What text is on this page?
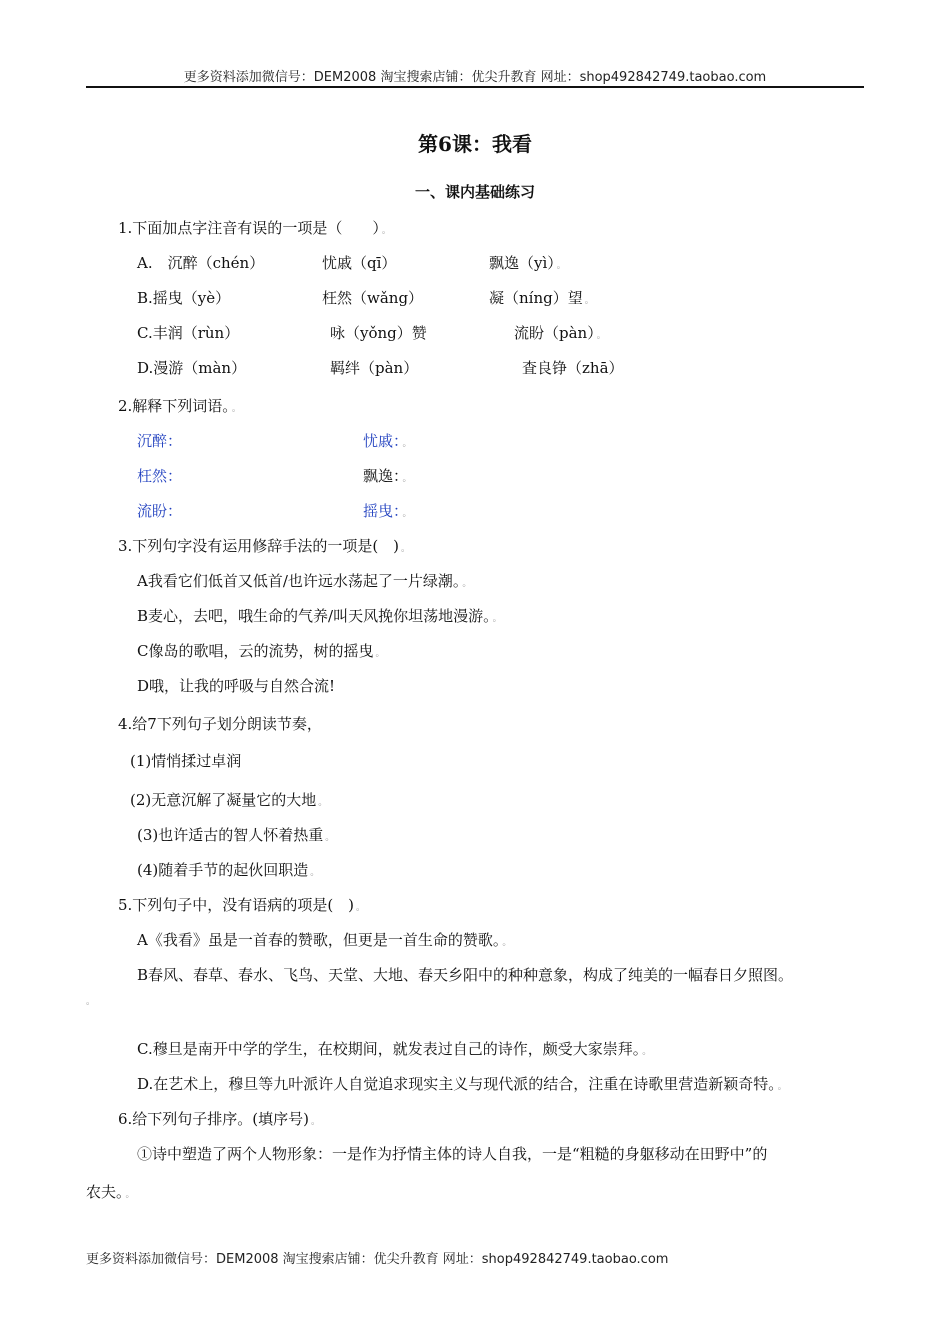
更多资料添加微信号：DEM2008 淘宝搜索店铺：优尖升教育 网址：shop492842749.taobao.com
第6课：我看
一、课内基础练习
1.下面加点字注音有误的一项是（　　） 。
A.　沉醉（chén）	忧戚（qī）	飘逸（yì） 。
B.摇曳（yè）	枉然（wǎng）	凝（níng）望 。
C.丰润（rùn）	咏（yǒng）赞	流盼（pàn） 。
D.漫游（màn）	羁绊（pàn）	査良铮（zhā）
2.解释下列词语。 。
沉醉：	忧戚： 。
枉然：	飘逸： 。
流盼：	摇曳： 。
3.下列句字没有运用修辞手法的一项是(　) 。
A我看它们低首又低首/也许远水荡起了一片绿潮。 。
B麦心，去吧，哦生命的气养/叫天风挽你坦荡地漫游。 。
C像岛的歌唱，云的流势，树的摇曳 。
D哦，让我的呼吸与自然合流!
4.给7下列句子划分朗读节奏，
(1)情悄揉过卓润
(2)无意沉解了凝量它的大地 。
(3)也许适古的智人怀着热重 。
(4)随着手节的起伙回职造 。
5.下列句子中，没有语病的项是(　) 。
A《我看》虽是一首春的赞歌，但更是一首生命的赞歌。 。
B春风、春草、春水、飞鸟、天堂、大地、春天乡阳中的种种意象，构成了纯美的一幅春日夕照图。
。
C.穆旦是南开中学的学生，在校期间，就发表过自己的诗作，颇受大家崇拜。 。
D.在艺术上，穆旦等九叶派许人自觉追求现实主义与现代派的结合，注重在诗歌里营造新颖奇特。 。
6.给下列句子排序。(填序号) 。
①诗中塑造了两个人物形象：一是作为抒情主体的诗人自我，一是“粗糙的身躯移动在田野中”的
农夫。 。
更多资料添加微信号：DEM2008 淘宝搜索店铺：优尖升教育 网址：shop492842749.taobao.com
